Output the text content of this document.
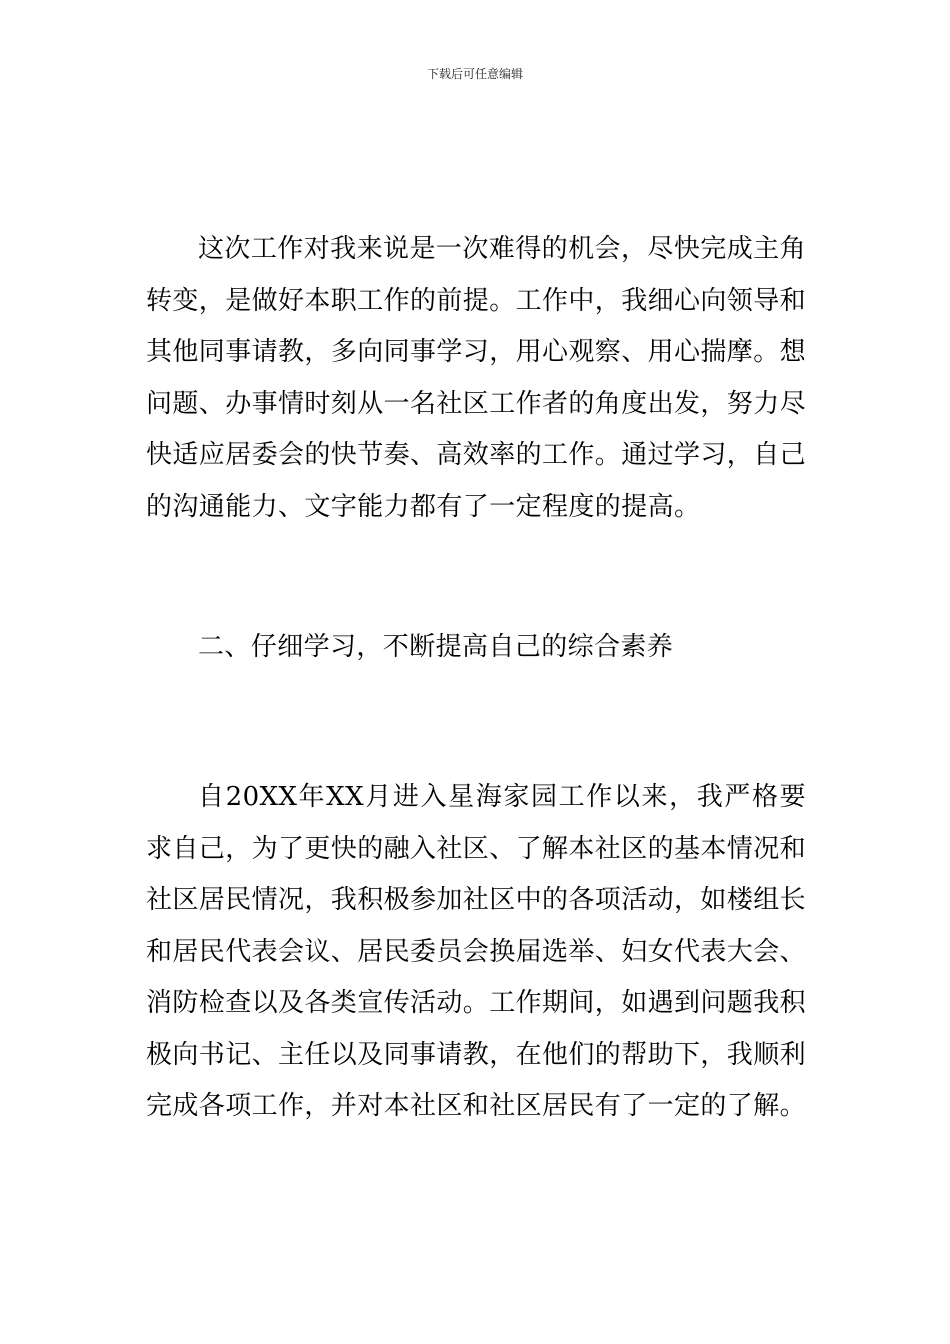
下载后可任意编辑

这次工作对我来说是一次难得的机会，尽快完成主角转变，是做好本职工作的前提。工作中，我细心向领导和其他同事请教，多向同事学习，用心观察、用心揣摩。想问题、办事情时刻从一名社区工作者的角度出发，努力尽快适应居委会的快节奏、高效率的工作。通过学习，自己的沟通能力、文字能力都有了一定程度的提高。

二、仔细学习，不断提高自己的综合素养

自20XX年XX月进入星海家园工作以来，我严格要求自己，为了更快的融入社区、了解本社区的基本情况和社区居民情况，我积极参加社区中的各项活动，如楼组长和居民代表会议、居民委员会换届选举、妇女代表大会、消防检查以及各类宣传活动。工作期间，如遇到问题我积极向书记、主任以及同事请教，在他们的帮助下，我顺利完成各项工作，并对本社区和社区居民有了一定的了解。
